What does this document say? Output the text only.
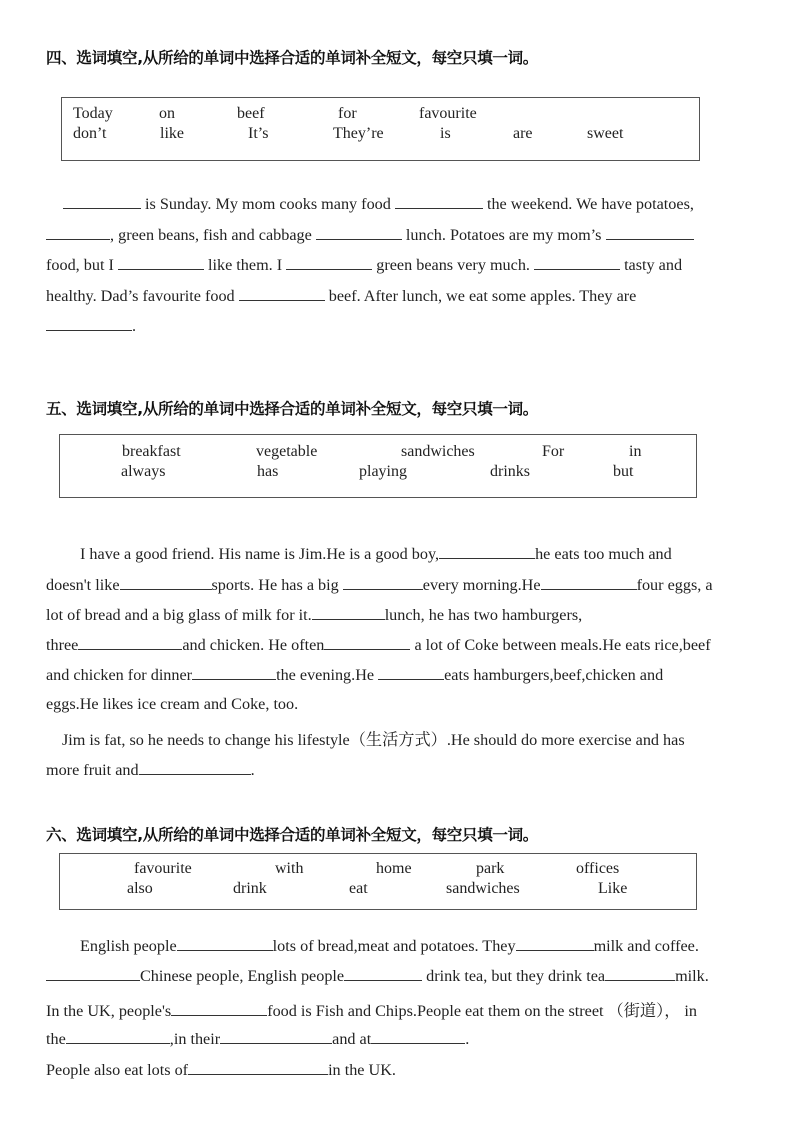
四、选词填空,从所给的单词中选择合适的单词补全短文，每空只填一词。
Today	on	beef	for	favourite
don’t	like	It’s	They’re	is	are	sweet
is Sunday. My mom cooks many food	the weekend. We have potatoes,
, green beans, fish and cabbage	lunch. Potatoes are my mom’s
food, but I	like them. I	green beans very much.	tasty and
healthy. Dad’s favourite food	beef. After lunch, we eat some apples. They are
.
五、选词填空,从所给的单词中选择合适的单词补全短文，每空只填一词。
breakfast	vegetable	sandwiches	For	in
always	has	playing	drinks	but
I have a good friend. His name is Jim.He is a good boy,	he eats too much and
doesn't like	sports. He has a big	every morning.He	four eggs, a
lot of bread and a big glass of milk for it.	lunch, he has two hamburgers,
three	and chicken. He often	a lot of Coke between meals.He eats rice,beef
and chicken for dinner	the evening.He	eats hamburgers,beef,chicken and
eggs.He likes ice cream and Coke, too.
Jim is fat, so he needs to change his lifestyle（生活方式）.He should do more exercise and has
more fruit and	.
六、选词填空,从所给的单词中选择合适的单词补全短文，每空只填一词。
favourite	with	home	park	offices
also	drink	eat	sandwiches	Like
English people	lots of bread,meat and potatoes. They	milk and coffee.
Chinese people, English people	drink tea, but they drink tea	milk.
In the UK, people's	food is Fish and Chips.People eat them on the street （街道）， in
the	,in their	and at	.
People also eat lots of	in the UK.
